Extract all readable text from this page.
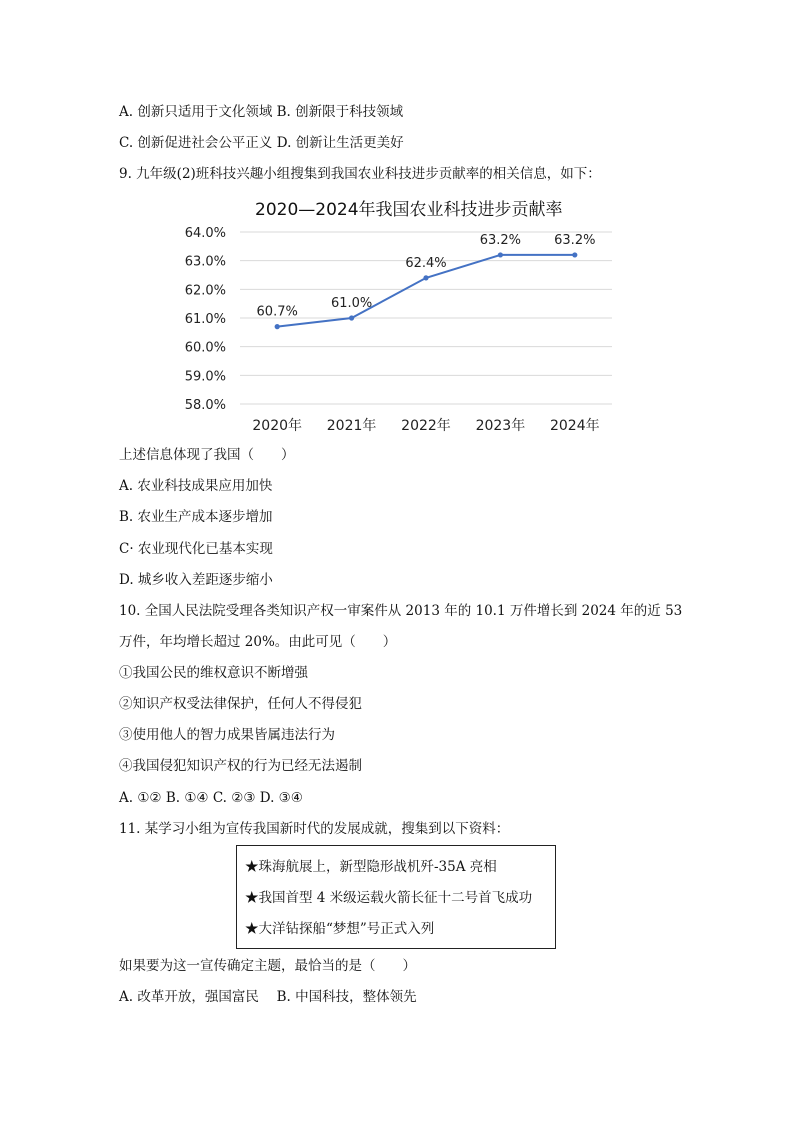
A. 创新只适用于文化领域 B. 创新限于科技领域
C. 创新促进社会公平正义 D. 创新让生活更美好
9. 九年级(2)班科技兴趣小组搜集到我国农业科技进步贡献率的相关信息，如下：
2020—2024年我国农业科技进步贡献率
58.0%
59.0%
60.0%
61.0%
62.0%
63.0%
64.0%
2020年 2021年 2022年 2023年 2024年
60.7%
61.0%
62.4%
63.2%	63.2%
上述信息体现了我国（　　）
A. 农业科技成果应用加快
B. 农业生产成本逐步增加
C· 农业现代化已基本实现
D. 城乡收入差距逐步缩小
10. 全国人民法院受理各类知识产权一审案件从 2013 年的 10.1 万件增长到 2024 年的近 53
万件，年均增长超过 20%。由此可见（　　）
①我国公民的维权意识不断增强
②知识产权受法律保护，任何人不得侵犯
③使用他人的智力成果皆属违法行为
④我国侵犯知识产权的行为已经无法遏制
A. ①② B. ①④ C. ②③ D. ③④
11. 某学习小组为宣传我国新时代的发展成就，搜集到以下资料：
★珠海航展上，新型隐形战机歼-35A 亮相
★我国首型 4 米级运载火箭长征十二号首飞成功
★大洋钻探船“梦想”号正式入列
如果要为这一宣传确定主题，最恰当的是（　　）
A. 改革开放，强国富民　 B. 中国科技，整体领先
